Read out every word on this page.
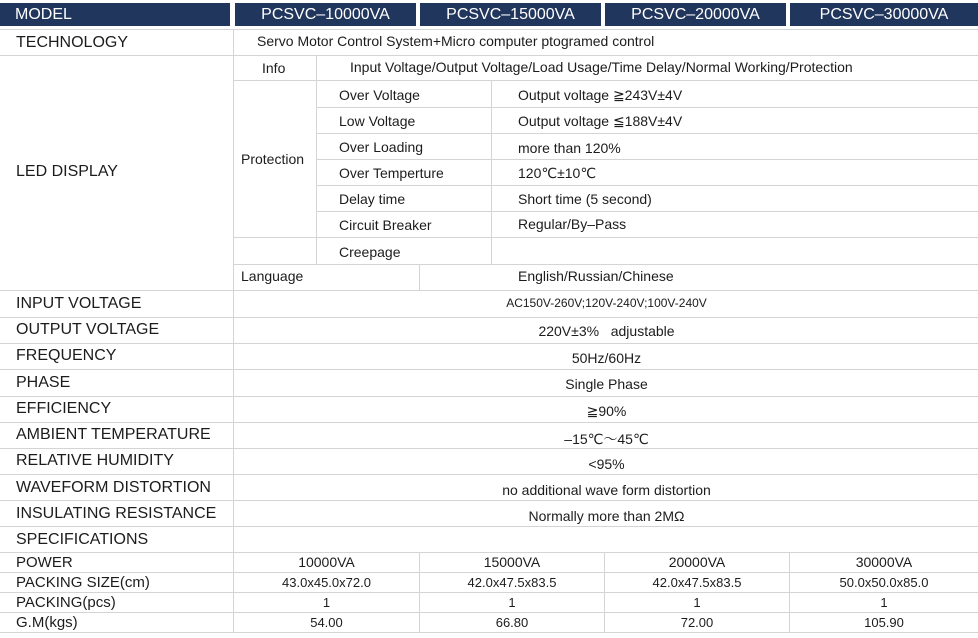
MODEL	PCSVC–10000VA	PCSVC–15000VA	PCSVC–20000VA	PCSVC–30000VA
TECHNOLOGY	Servo Motor Control System+Micro computer ptogramed control
LED DISPLAY
Info	Input Voltage/Output Voltage/Load Usage/Time Delay/Normal Working/Protection
Protection
Over Voltage	Output voltage ≧243V±4V
Low Voltage	Output voltage ≦188V±4V
Over Loading	more than 120%
Over Temperture	120℃±10℃
Delay time	Short time (5 second)
Circuit Breaker	Regular/By–Pass
Creepage
Language	English/Russian/Chinese
INPUT VOLTAGE	AC150V-260V;120V-240V;100V-240V
OUTPUT VOLTAGE	220V±3%   adjustable
FREQUENCY	50Hz/60Hz
PHASE	Single Phase
EFFICIENCY	≧90%
AMBIENT TEMPERATURE	–15℃～45℃
RELATIVE HUMIDITY	<95%
WAVEFORM DISTORTION	no additional wave form distortion
INSULATING RESISTANCE	Normally more than 2MΩ
SPECIFICATIONS
POWER	10000VA	15000VA	20000VA	30000VA
PACKING SIZE(cm)	43.0x45.0x72.0	42.0x47.5x83.5	42.0x47.5x83.5	50.0x50.0x85.0
PACKING(pcs)	1	1	1	1
G.M(kgs)	54.00	66.80	72.00	105.90
